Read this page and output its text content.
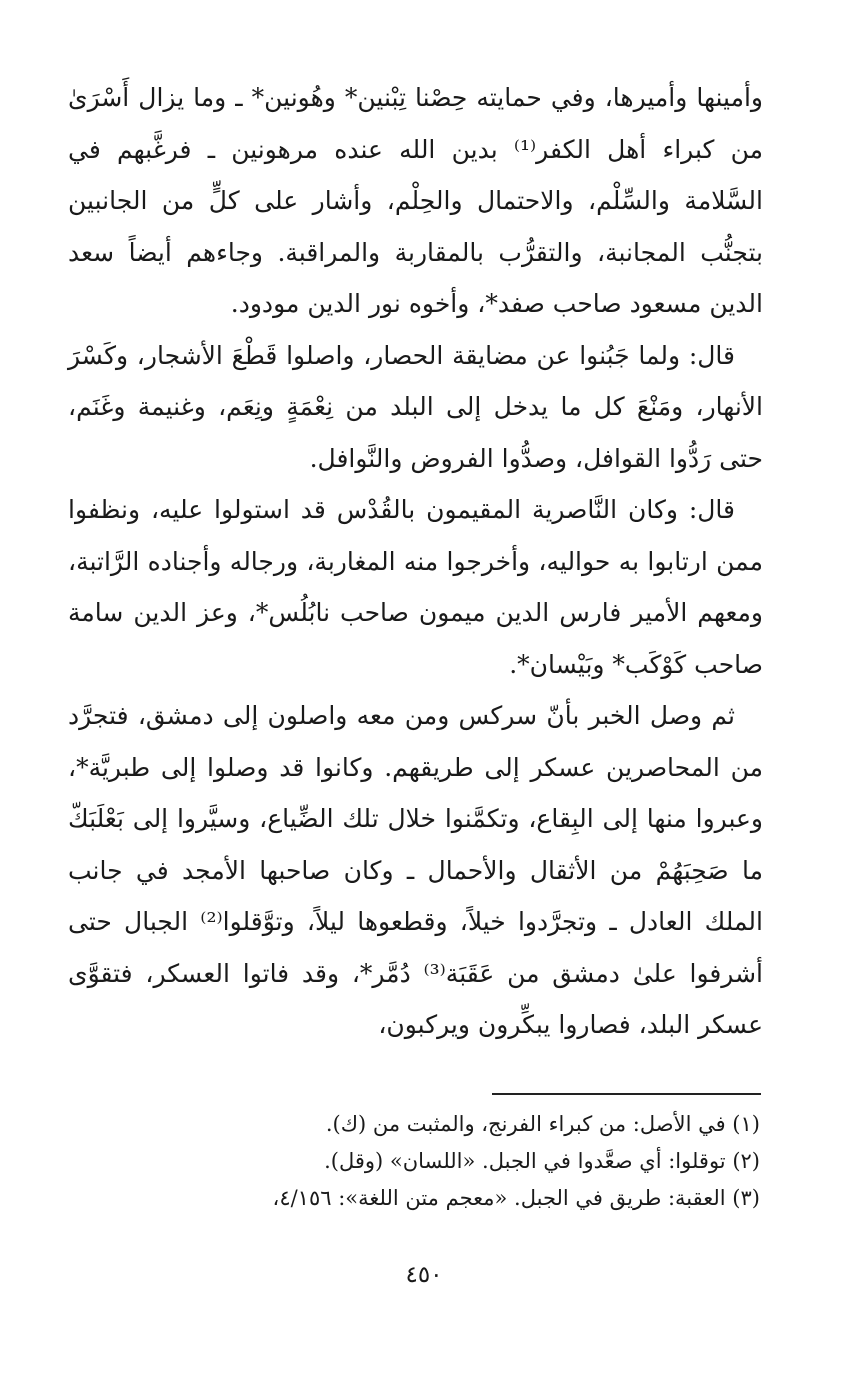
وأمينها وأميرها، وفي حمايته حِصْنا تِبْنين* وهُونين* ـ وما يزال أَسْرَىٰ من كبراء أهل الكفر⁽¹⁾ بدين الله عنده مرهونين ـ فرغَّبهم في السَّلامة والسِّلْم، والاحتمال والحِلْم، وأشار على كلٍّ من الجانبين بتجنُّب المجانبة، والتقرُّب بالمقاربة والمراقبة. وجاءهم أيضاً سعد الدين مسعود صاحب صفد*، وأخوه نور الدين مودود.

قال: ولما جَبُنوا عن مضايقة الحصار، واصلوا قَطْعَ الأشجار، وكَسْرَ الأنهار، ومَنْعَ كل ما يدخل إلى البلد من نِعْمَةٍ ونِعَم، وغنيمة وغَنَم، حتى رَدُّوا القوافل، وصدُّوا الفروض والنَّوافل.

قال: وكان النَّاصرية المقيمون بالقُدْس قد استولوا عليه، ونظفوا ممن ارتابوا به حواليه، وأخرجوا منه المغاربة، ورجاله وأجناده الرَّاتبة، ومعهم الأمير فارس الدين ميمون صاحب نابُلُس*، وعز الدين سامة صاحب كَوْكَب* وبَيْسان*.

ثم وصل الخبر بأنّ سركس ومن معه واصلون إلى دمشق، فتجرَّد من المحاصرين عسكر إلى طريقهم. وكانوا قد وصلوا إلى طبريَّة*، وعبروا منها إلى البِقاع، وتكمَّنوا خلال تلك الضِّياع، وسيَّروا إلى بَعْلَبَكّ ما صَحِبَهُمْ من الأثقال والأحمال ـ وكان صاحبها الأمجد في جانب الملك العادل ـ وتجرَّدوا خيلاً، وقطعوها ليلاً، وتوَّقلوا⁽²⁾ الجبال حتى أشرفوا علىٰ دمشق من عَقَبَة⁽³⁾ دُمَّر*، وقد فاتوا العسكر، فتقوَّى عسكر البلد، فصاروا يبكِّرون ويركبون،

(١) في الأصل: من كبراء الفرنج، والمثبت من (ك).
(٢) توقلوا: أي صعَّدوا في الجبل. «اللسان» (وقل).
(٣) العقبة: طريق في الجبل. «معجم متن اللغة»: ٤/١٥٦،
٤٥٠
